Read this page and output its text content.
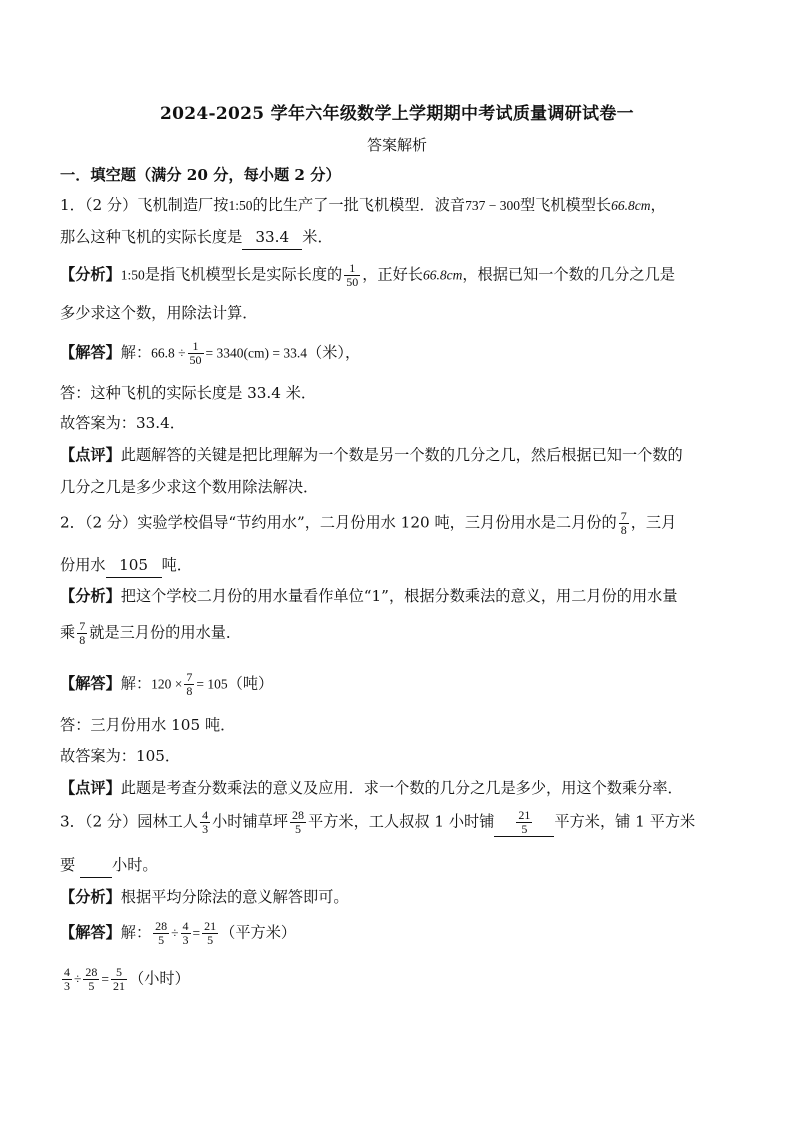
2024-2025 学年六年级数学上学期期中考试质量调研试卷一
答案解析
一．填空题（满分 20 分，每小题 2 分）
1．（2 分）飞机制造厂按1:50的比生产了一批飞机模型．波音737 − 300型飞机模型长66.8cm，
那么这种飞机的实际长度是 33.4 米．
【分析】1:50是指飞机模型长是实际长度的 $\frac{1}{50}$ ，正好长66.8cm，根据已知一个数的几分之几是
多少求这个数，用除法计算．
【解答】解：$66.8 \div \frac{1}{50} = 3340(cm) = 33.4$（米），
答：这种飞机的实际长度是 33.4 米．
故答案为：33.4．
【点评】此题解答的关键是把比理解为一个数是另一个数的几分之几，然后根据已知一个数的
几分之几是多少求这个数用除法解决．
2．（2 分）实验学校倡导“节约用水”，二月份用水 120 吨，三月份用水是二月份的 $\frac{7}{8}$ ，三月
份用水 105 吨．
【分析】把这个学校二月份的用水量看作单位“1”，根据分数乘法的意义，用二月份的用水量
乘 $\frac{7}{8}$ 就是三月份的用水量．
【解答】解：$120 \times \frac{7}{8} = 105$（吨）
答：三月份用水 105 吨．
故答案为：105．
【点评】此题是考查分数乘法的意义及应用．求一个数的几分之几是多少，用这个数乘分率．
3．（2 分）园林工人 $\frac{4}{3}$ 小时铺草坪 $\frac{28}{5}$ 平方米，工人叔叔 1 小时铺 $\frac{21}{5}$ 平方米，铺 1 平方米
要 小时。
【分析】根据平均分除法的意义解答即可。
【解答】解： $\frac{28}{5} \div \frac{4}{3} = \frac{21}{5}$ （平方米）
$\frac{4}{3} \div \frac{28}{5} = \frac{5}{21}$ （小时）
